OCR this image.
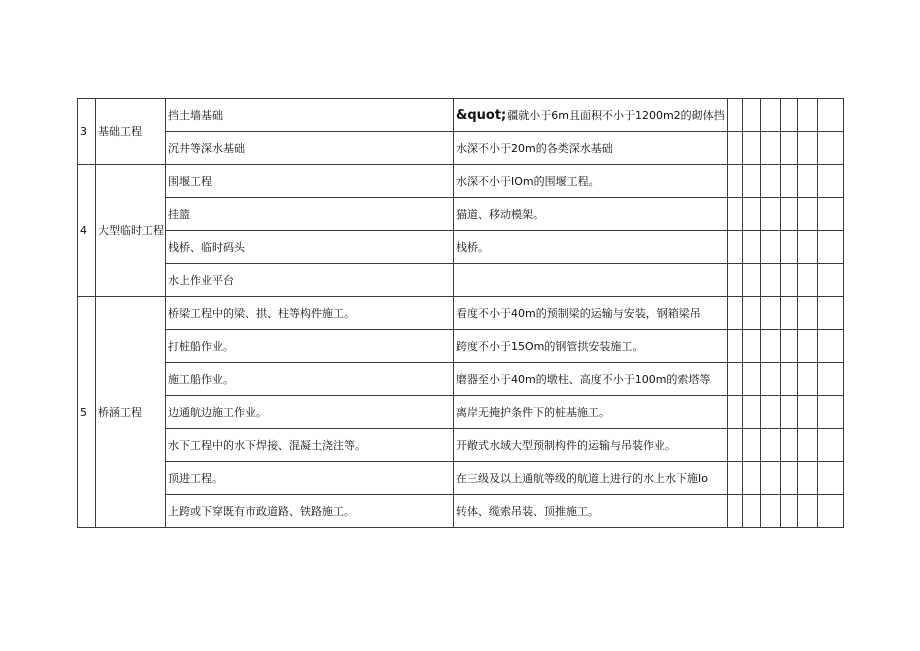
3	基础工程	挡土墙基础	&quot;疆就小于6m且面积不小于1200m2的砌体挡						
		沉井等深水基础	水深不小于20m的各类深水基础						
4	大型临时工程	围堰工程	水深不小于IOm的围堰工程。						
		挂篮	猫道、移动模架。						
		栈桥、临时码头	栈桥。						
		水上作业平台							
5	桥涵工程	桥梁工程中的梁、拱、柱等构件施工。	看度不小于40m的预制梁的运输与安装，钢箱梁吊						
		打桩船作业。	跨度不小于15Om的钢管拱安装施工。						
		施工船作业。	磨器至小于40m的墩柱、高度不小于100m的索塔等						
		边通航边施工作业。	离岸无掩护条件下的桩基施工。						
		水下工程中的水下焊接、混凝土浇注等。	开敞式水域大型预制构件的运输与吊装作业。						
		顶进工程。	在三级及以上通航等级的航道上进行的水上水下施Io						
		上跨或下穿既有市政道路、铁路施工。	转体、缆索吊装、顶推施工。						
